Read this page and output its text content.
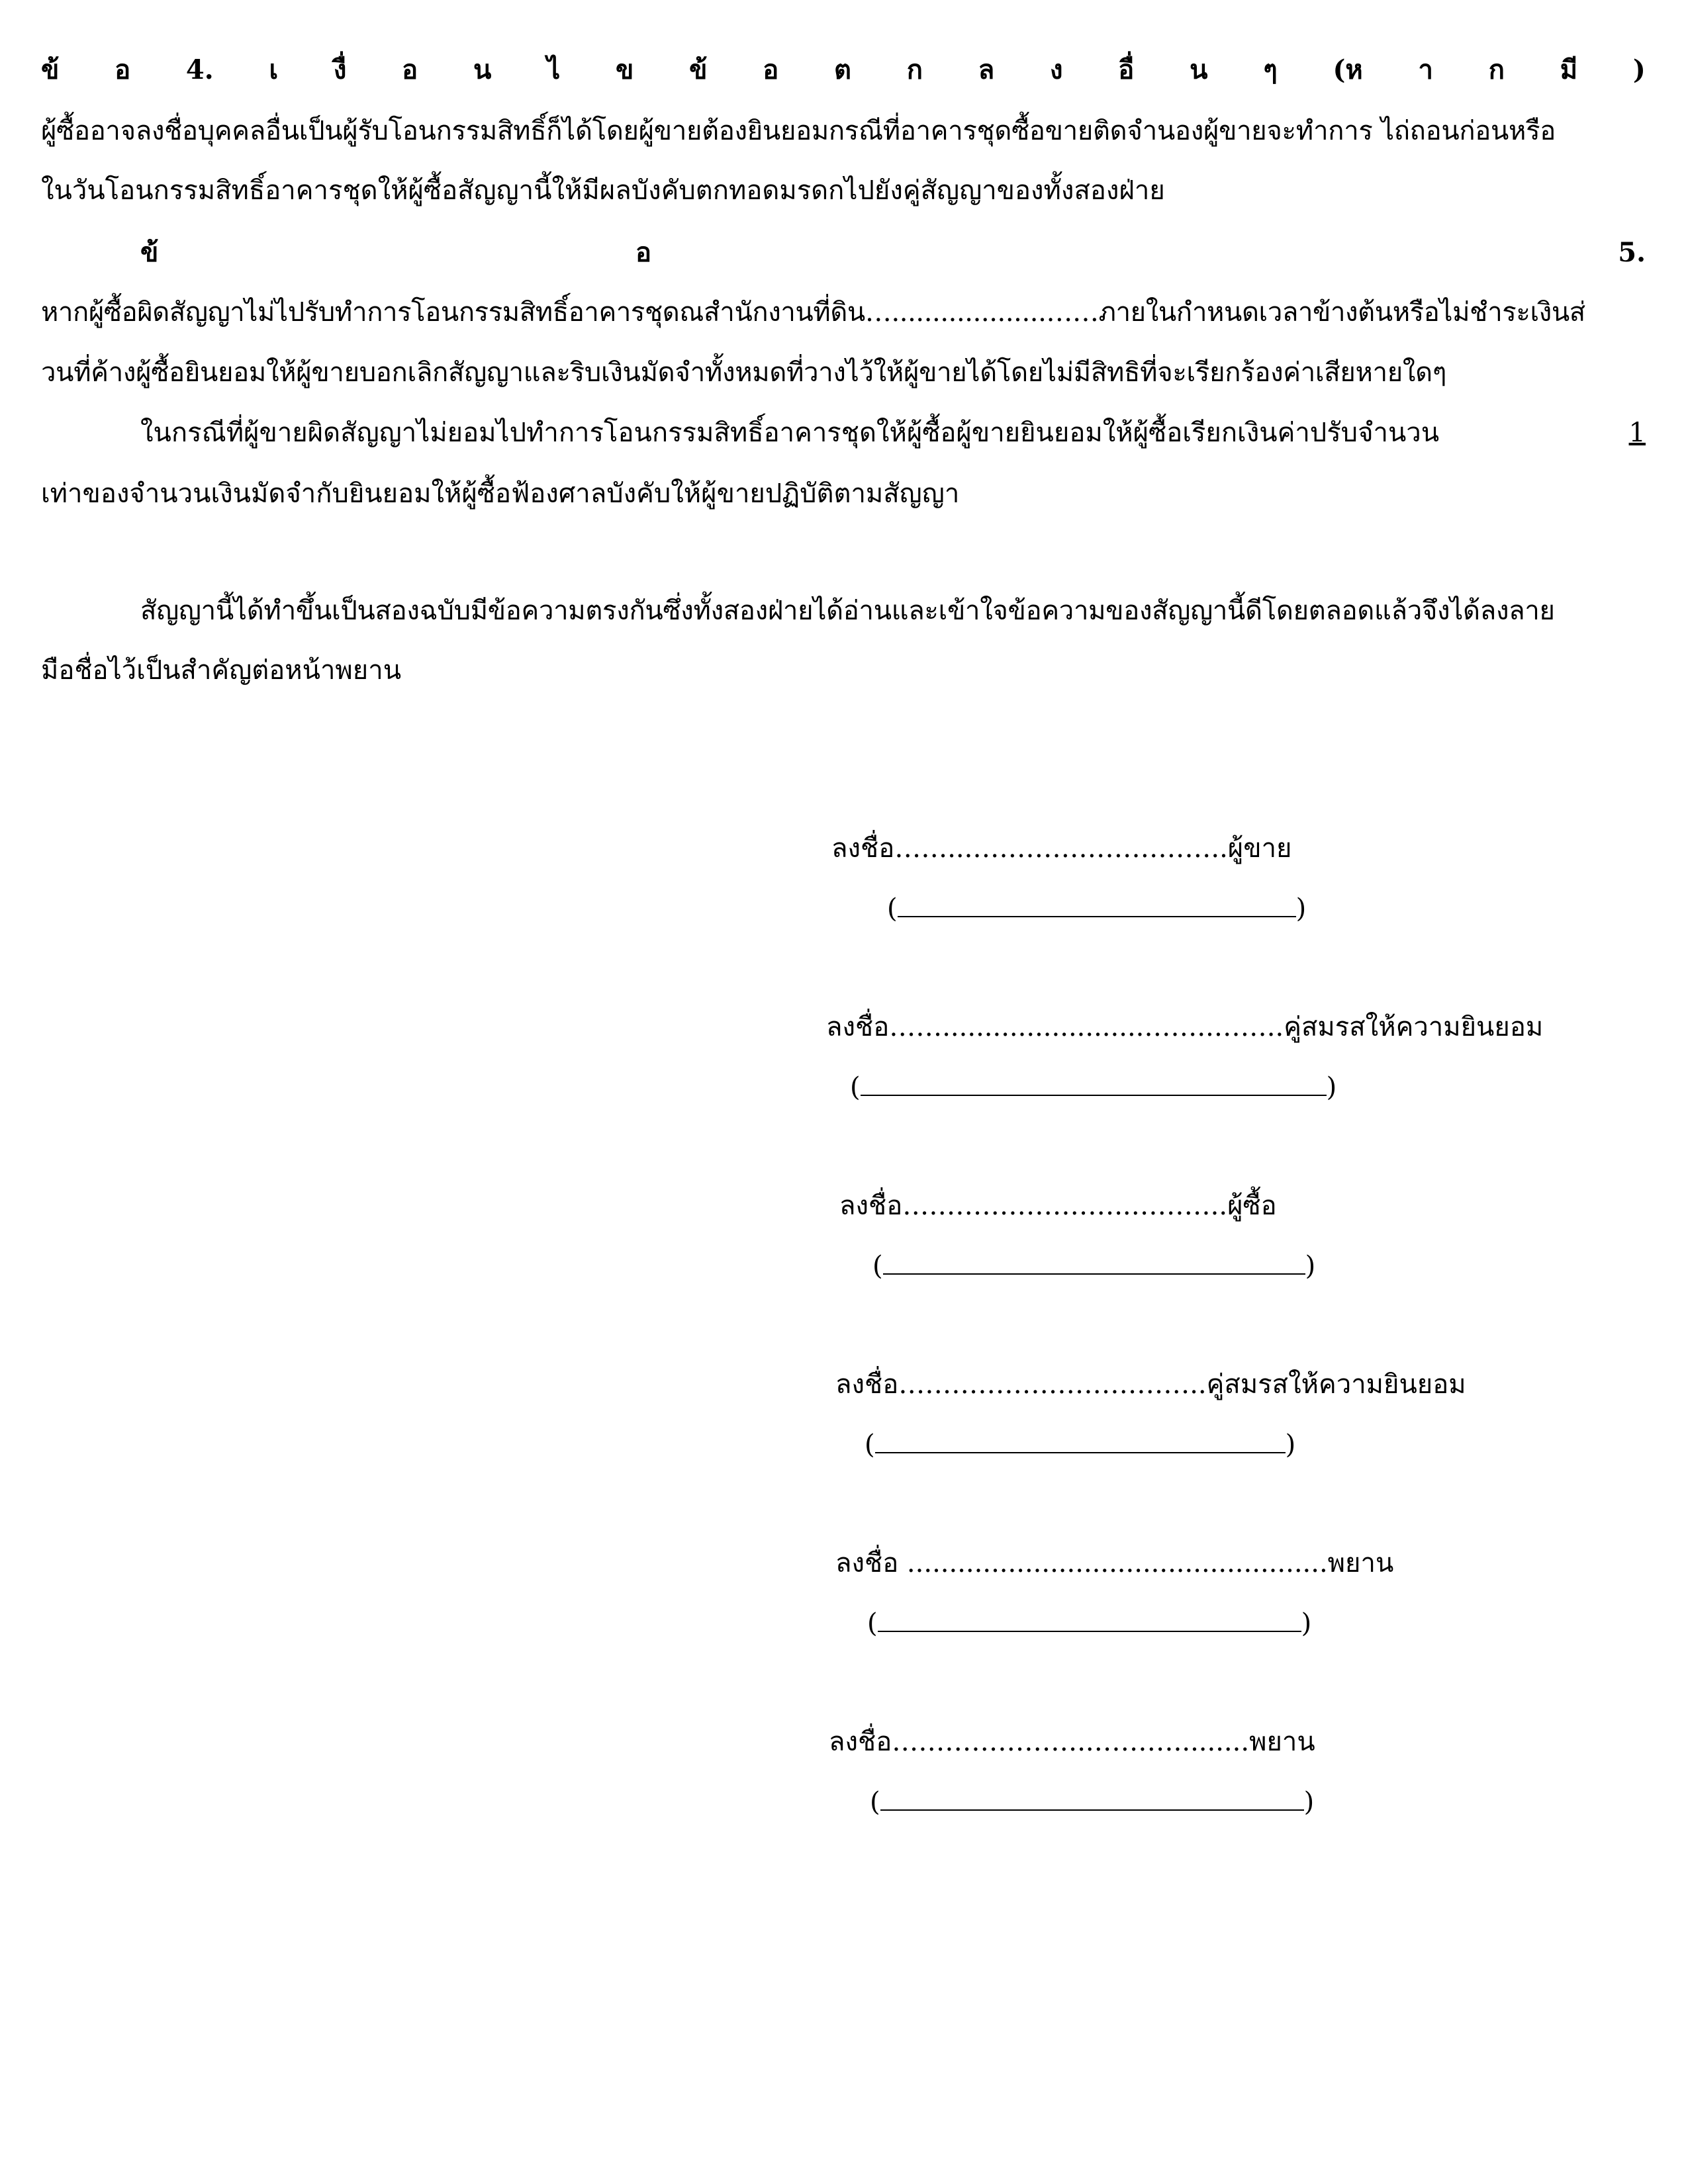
ข้ อ 4. เ งื่ อ น ไ ข ข้ อ ต ก ล ง อื่ น ๆ (ห า ก มี )
ผู้ซื้ออาจลงชื่อบุคคลอื่นเป็นผู้รับโอนกรรมสิทธิ์ก็ได้โดยผู้ขายต้องยินยอมกรณีที่อาคารชุดซื้อขายติดจำนองผู้ขายจะทำการ ไถ่ถอนก่อนหรือ
ในวันโอนกรรมสิทธิ์อาคารชุดให้ผู้ซื้อสัญญานี้ให้มีผลบังคับตกทอดมรดกไปยังคู่สัญญาของทั้งสองฝ่าย
ข้	อ	5.
หากผู้ซื้อผิดสัญญาไม่ไปรับทำการโอนกรรมสิทธิ์อาคารชุดณสำนักงานที่ดิน…...................……ภายในกำหนดเวลาข้างต้นหรือไม่ชำระเงินส่
วนที่ค้างผู้ซื้อยินยอมให้ผู้ขายบอกเลิกสัญญาและริบเงินมัดจำทั้งหมดที่วางไว้ให้ผู้ขายได้โดยไม่มีสิทธิที่จะเรียกร้องค่าเสียหายใดๆ
ในกรณีที่ผู้ขายผิดสัญญาไม่ยอมไปทำการโอนกรรมสิทธิ์อาคารชุดให้ผู้ซื้อผู้ขายยินยอมให้ผู้ซื้อเรียกเงินค่าปรับจำนวน	1
เท่าของจำนวนเงินมัดจำกับยินยอมให้ผู้ซื้อฟ้องศาลบังคับให้ผู้ขายปฏิบัติตามสัญญา
สัญญานี้ได้ทำขึ้นเป็นสองฉบับมีข้อความตรงกันซึ่งทั้งสองฝ่ายได้อ่านและเข้าใจข้อความของสัญญานี้ดีโดยตลอดแล้วจึงได้ลงลาย
มือชื่อไว้เป็นสำคัญต่อหน้าพยาน
ลงชื่อ……...………………………..ผู้ขาย
(	)
ลงชื่อ……........................……..……..คู่สมรสให้ความยินยอม
(	)
ลงชื่อ……………………..………..ผู้ซื้อ
(	)
ลงชื่อ……………………………..คู่สมรสให้ความยินยอม
(	)
ลงชื่อ ..................................................พยาน
(	)
ลงชื่อ…………………..……….........พยาน
(	)
